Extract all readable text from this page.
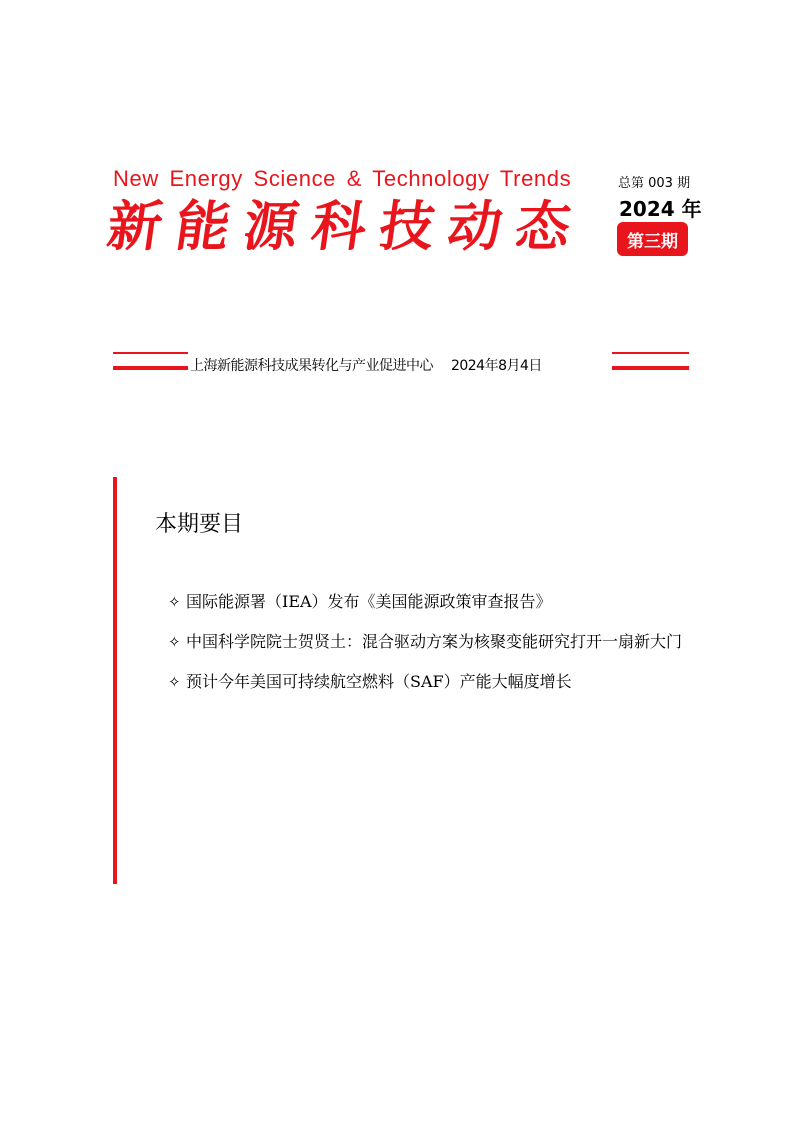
New Energy Science & Technology Trends
新能源科技动态
总第 003 期
2024 年
第三期
上海新能源科技成果转化与产业促进中心 2024年8月4日
本期要目
✧ 国际能源署（IEA）发布《美国能源政策审查报告》
✧ 中国科学院院士贺贤土：混合驱动方案为核聚变能研究打开一扇新大门
✧ 预计今年美国可持续航空燃料（SAF）产能大幅度增长
